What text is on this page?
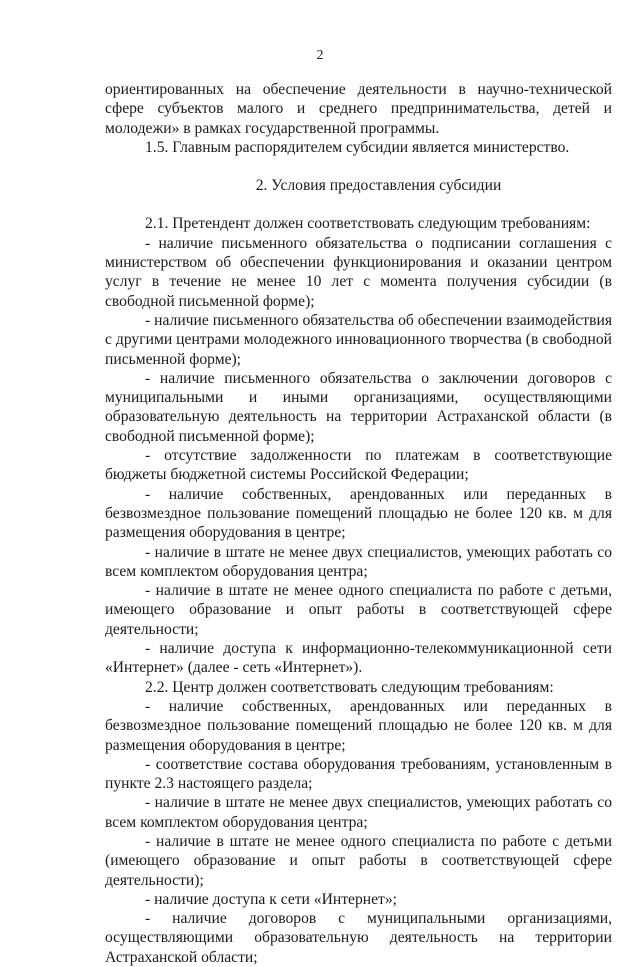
2

ориентированных на обеспечение деятельности в научно-технической сфере субъектов малого и среднего предпринимательства, детей и молодежи» в рамках государственной программы.

1.5. Главным распорядителем субсидии является министерство.

2. Условия предоставления субсидии

2.1. Претендент должен соответствовать следующим требованиям:

- наличие письменного обязательства о подписании соглашения с министерством об обеспечении функционирования и оказании центром услуг в течение не менее 10 лет с момента получения субсидии (в свободной письменной форме);

- наличие письменного обязательства об обеспечении взаимодействия с другими центрами молодежного инновационного творчества (в свободной письменной форме);

- наличие письменного обязательства о заключении договоров с муниципальными и иными организациями, осуществляющими образовательную деятельность на территории Астраханской области (в свободной письменной форме);

- отсутствие задолженности по платежам в соответствующие бюджеты бюджетной системы Российской Федерации;

- наличие собственных, арендованных или переданных в безвозмездное пользование помещений площадью не более 120 кв. м для размещения оборудования в центре;

- наличие в штате не менее двух специалистов, умеющих работать со всем комплектом оборудования центра;

- наличие в штате не менее одного специалиста по работе с детьми, имеющего образование и опыт работы в соответствующей сфере деятельности;

- наличие доступа к информационно-телекоммуникационной сети «Интернет» (далее - сеть «Интернет»).

2.2. Центр должен соответствовать следующим требованиям:

- наличие собственных, арендованных или переданных в безвозмездное пользование помещений площадью не более 120 кв. м для размещения оборудования в центре;

- соответствие состава оборудования требованиям, установленным в пункте 2.3 настоящего раздела;

- наличие в штате не менее двух специалистов, умеющих работать со всем комплектом оборудования центра;

- наличие в штате не менее одного специалиста по работе с детьми (имеющего образование и опыт работы в соответствующей сфере деятельности);

- наличие доступа к сети «Интернет»;

- наличие договоров с муниципальными организациями, осуществляющими образовательную деятельность на территории Астраханской области;
